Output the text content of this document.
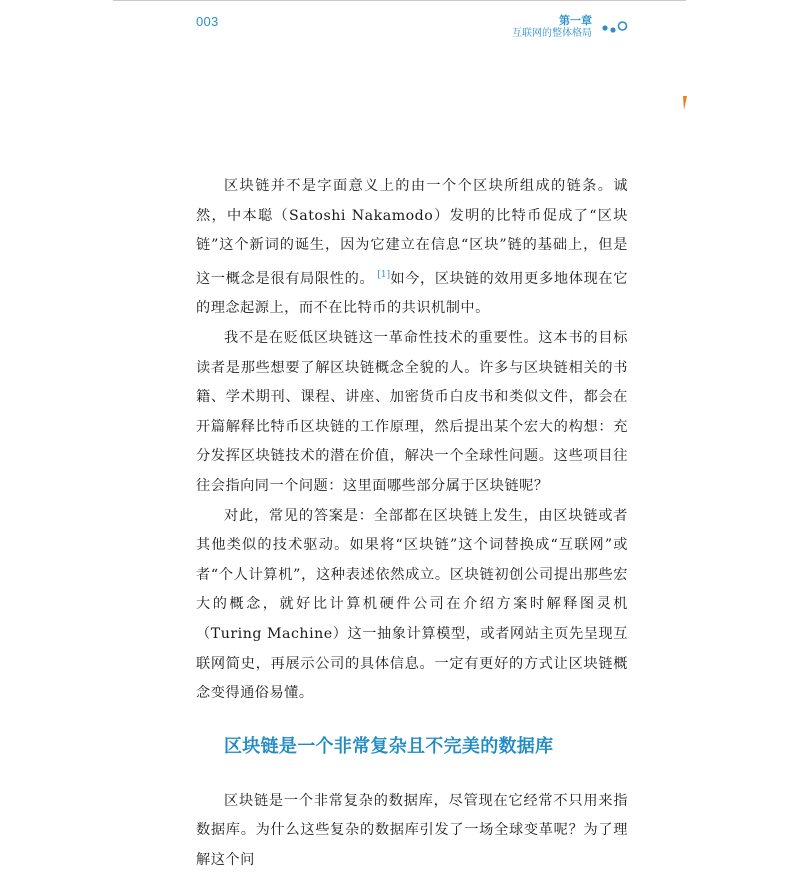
003	第一章
互联网的整体格局

区块链并不是字面意义上的由一个个区块所组成的链条。诚然，中本聪（Satoshi Nakamodo）发明的比特币促成了“区块链”这个新词的诞生，因为它建立在信息“区块”链的基础上，但是这一概念是很有局限性的。 [1]如今，区块链的效用更多地体现在它的理念起源上，而不在比特币的共识机制中。

我不是在贬低区块链这一革命性技术的重要性。这本书的目标读者是那些想要了解区块链概念全貌的人。许多与区块链相关的书籍、学术期刊、课程、讲座、加密货币白皮书和类似文件，都会在开篇解释比特币区块链的工作原理，然后提出某个宏大的构想：充分发挥区块链技术的潜在价值，解决一个全球性问题。这些项目往往会指向同一个问题：这里面哪些部分属于区块链呢？

对此，常见的答案是：全部都在区块链上发生，由区块链或者其他类似的技术驱动。如果将“区块链”这个词替换成“互联网”或者“个人计算机”，这种表述依然成立。区块链初创公司提出那些宏大的概念，就好比计算机硬件公司在介绍方案时解释图灵机（Turing Machine）这一抽象计算模型，或者网站主页先呈现互联网简史，再展示公司的具体信息。一定有更好的方式让区块链概念变得通俗易懂。

区块链是一个非常复杂且不完美的数据库

区块链是一个非常复杂的数据库，尽管现在它经常不只用来指数据库。为什么这些复杂的数据库引发了一场全球变革呢？为了理解这个问
